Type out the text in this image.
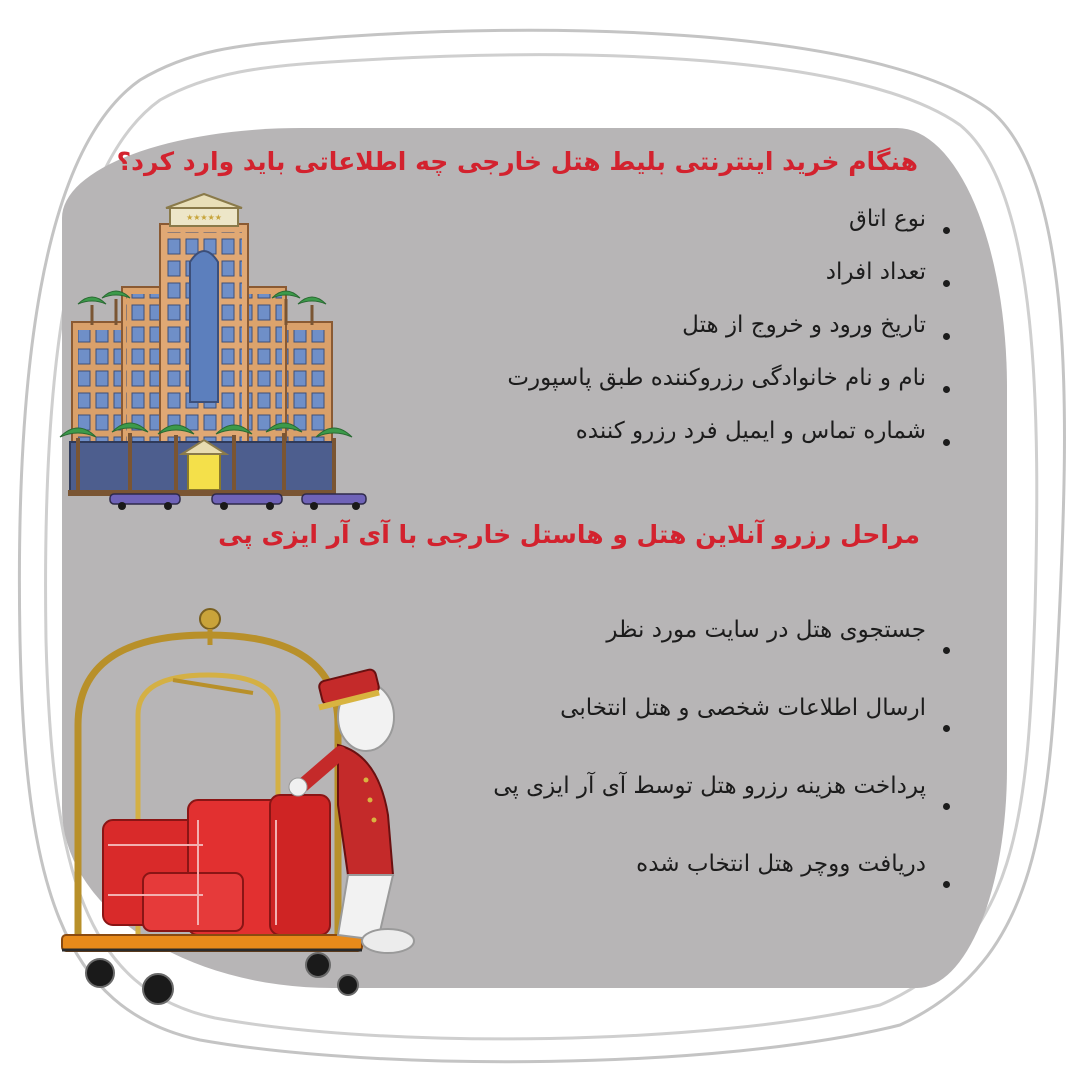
★★★★★
هنگام خرید اینترنتی بلیط هتل خارجی چه اطلاعاتی باید وارد کرد؟
نوع اتاق
تعداد افراد
تاریخ ورود و خروج از هتل
نام و نام خانوادگی رزروکننده طبق پاسپورت
شماره تماس و ایمیل فرد رزرو کننده
مراحل رزرو آنلاین هتل و هاستل خارجی با آی آر ایزی پی
جستجوی هتل در سایت مورد نظر
ارسال اطلاعات شخصی و هتل انتخابی
پرداخت هزینه رزرو هتل توسط آی آر ایزی پی
دریافت ووچر هتل انتخاب شده
